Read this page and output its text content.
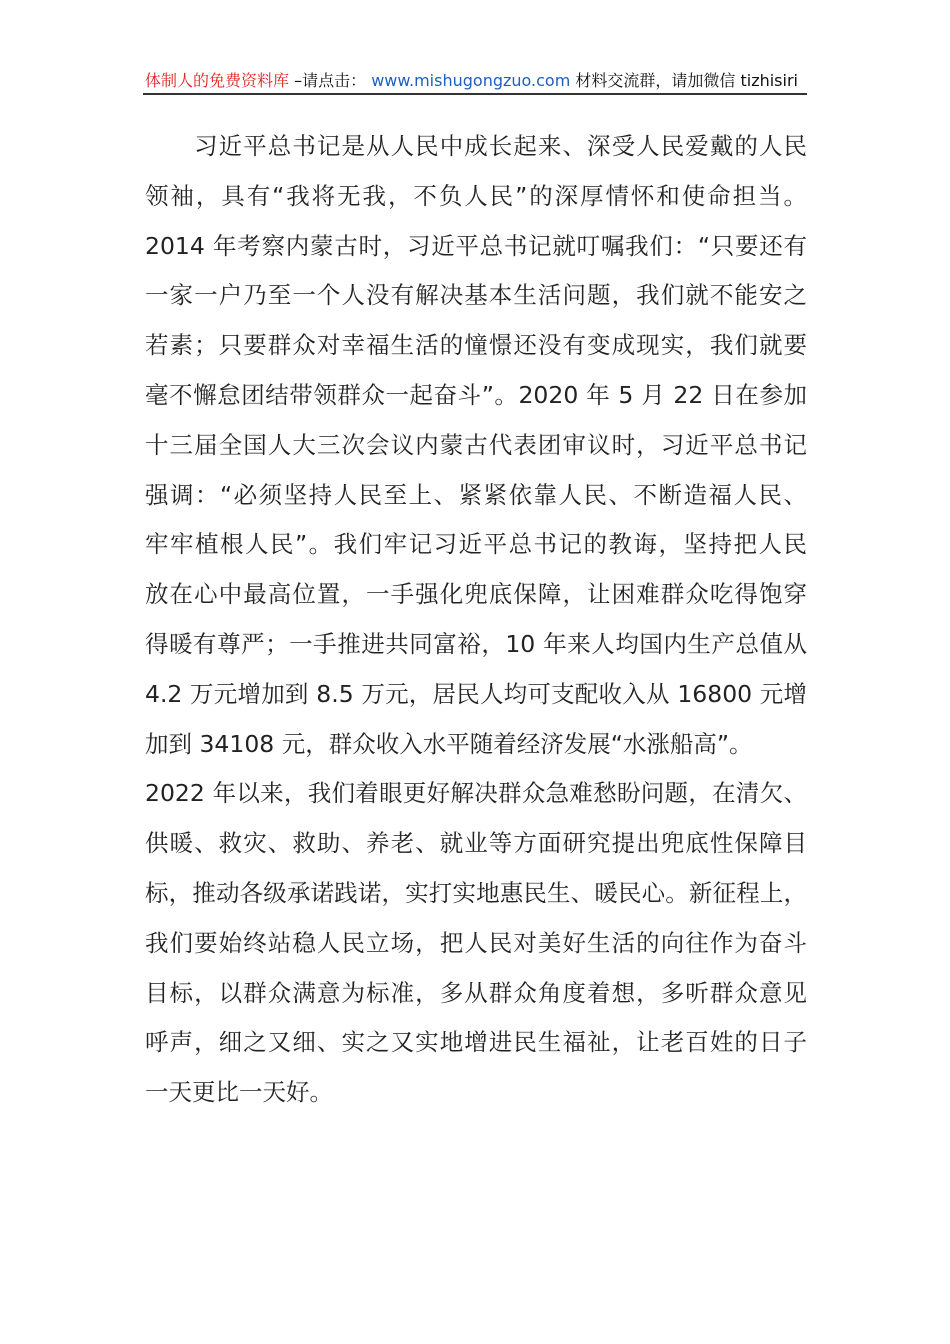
体制人的免费资料库 –请点击： www.mishugongzuo.com 材料交流群，请加微信 tizhisiri
　　习近平总书记是从人民中成长起来、深受人民爱戴的人民
领袖，具有“我将无我，不负人民”的深厚情怀和使命担当。
2014 年考察内蒙古时，习近平总书记就叮嘱我们：“只要还有
一家一户乃至一个人没有解决基本生活问题，我们就不能安之
若素；只要群众对幸福生活的憧憬还没有变成现实，我们就要
毫不懈怠团结带领群众一起奋斗”。2020 年 5 月 22 日在参加
十三届全国人大三次会议内蒙古代表团审议时，习近平总书记
强调：“必须坚持人民至上、紧紧依靠人民、不断造福人民、
牢牢植根人民”。我们牢记习近平总书记的教诲，坚持把人民
放在心中最高位置，一手强化兜底保障，让困难群众吃得饱穿
得暖有尊严；一手推进共同富裕，10 年来人均国内生产总值从
4.2 万元增加到 8.5 万元，居民人均可支配收入从 16800 元增
加到 34108 元，群众收入水平随着经济发展“水涨船高”。
2022 年以来，我们着眼更好解决群众急难愁盼问题，在清欠、
供暖、救灾、救助、养老、就业等方面研究提出兜底性保障目
标，推动各级承诺践诺，实打实地惠民生、暖民心。新征程上，
我们要始终站稳人民立场，把人民对美好生活的向往作为奋斗
目标，以群众满意为标准，多从群众角度着想，多听群众意见
呼声，细之又细、实之又实地增进民生福祉，让老百姓的日子
一天更比一天好。
